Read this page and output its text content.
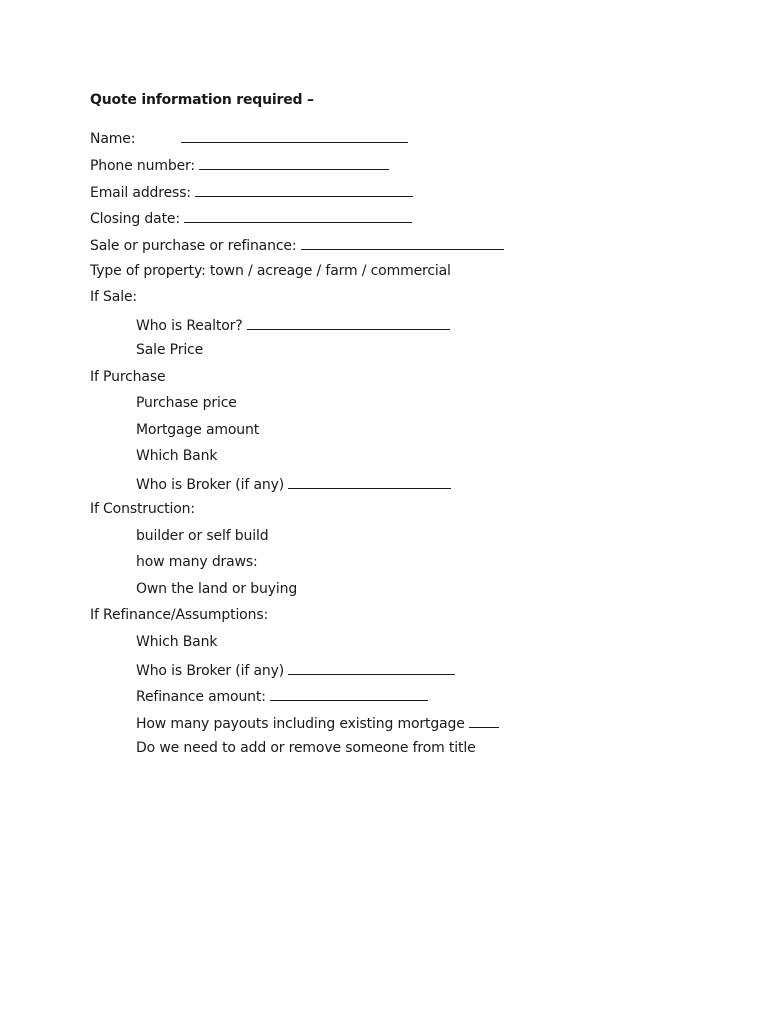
Quote information required –
Name:
Phone number:
Email address:
Closing date:
Sale or purchase or refinance:
Type of property: town / acreage / farm / commercial
If Sale:
Who is Realtor?
Sale Price
If Purchase
Purchase price
Mortgage amount
Which Bank
Who is Broker (if any)
If Construction:
builder or self build
how many draws:
Own the land or buying
If Refinance/Assumptions:
Which Bank
Who is Broker (if any)
Refinance amount:
How many payouts including existing mortgage
Do we need to add or remove someone from title
